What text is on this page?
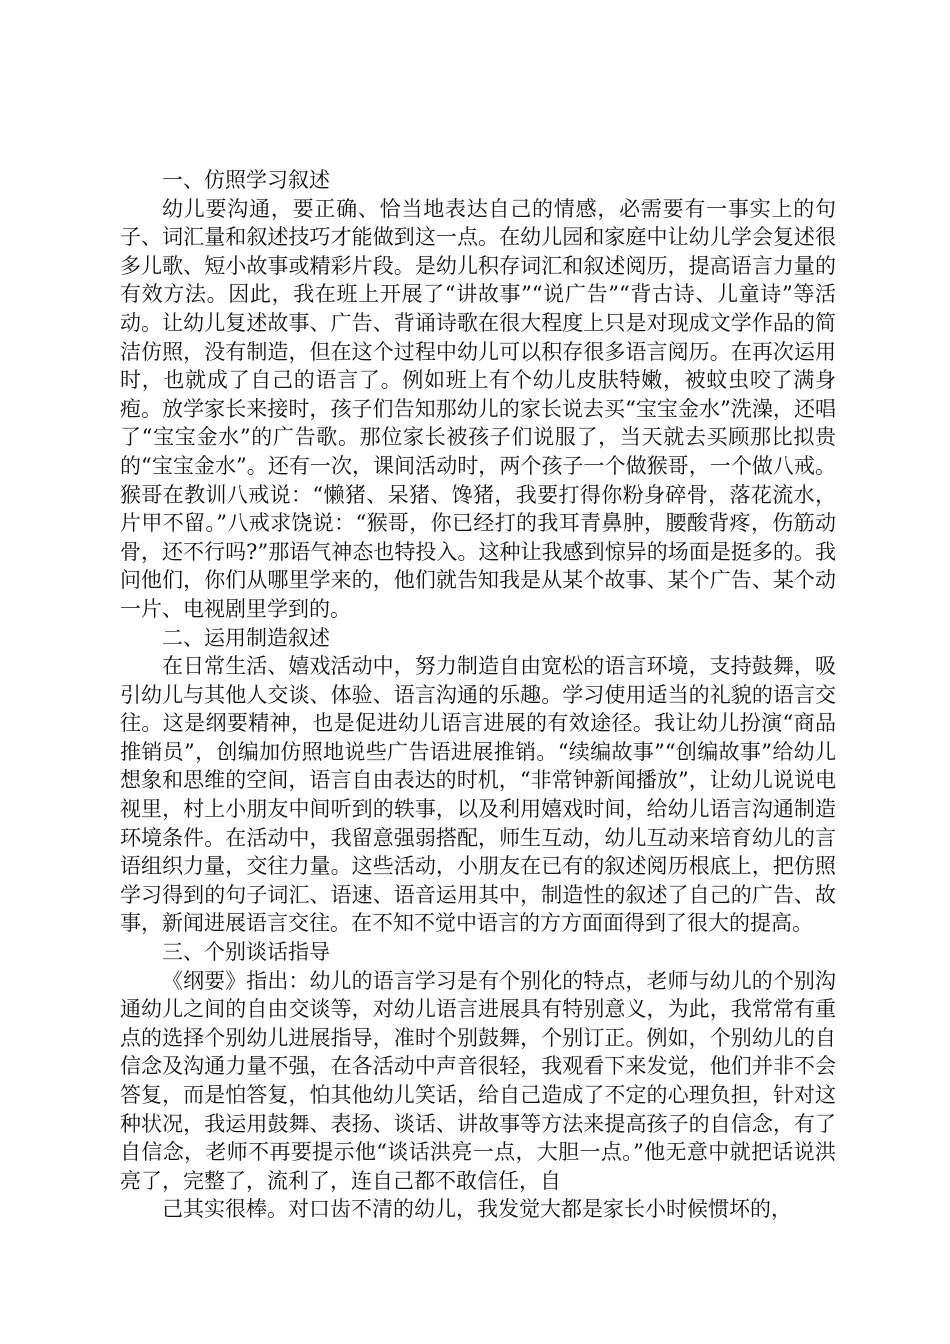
一、仿照学习叙述

幼儿要沟通，要正确、恰当地表达自己的情感，必需要有一事实上的句子、词汇量和叙述技巧才能做到这一点。在幼儿园和家庭中让幼儿学会复述很多儿歌、短小故事或精彩片段。是幼儿积存词汇和叙述阅历，提高语言力量的有效方法。因此，我在班上开展了“讲故事”“说广告”“背古诗、儿童诗”等活动。让幼儿复述故事、广告、背诵诗歌在很大程度上只是对现成文学作品的简洁仿照，没有制造，但在这个过程中幼儿可以积存很多语言阅历。在再次运用时，也就成了自己的语言了。例如班上有个幼儿皮肤特嫩，被蚊虫咬了满身疱。放学家长来接时，孩子们告知那幼儿的家长说去买“宝宝金水”洗澡，还唱了“宝宝金水”的广告歌。那位家长被孩子们说服了，当天就去买顾那比拟贵的“宝宝金水”。还有一次，课间活动时，两个孩子一个做猴哥，一个做八戒。猴哥在教训八戒说：“懒猪、呆猪、馋猪，我要打得你粉身碎骨，落花流水，片甲不留。”八戒求饶说：“猴哥，你已经打的我耳青鼻肿，腰酸背疼，伤筋动骨，还不行吗?”那语气神态也特投入。这种让我感到惊异的场面是挺多的。我问他们，你们从哪里学来的，他们就告知我是从某个故事、某个广告、某个动一片、电视剧里学到的。

二、运用制造叙述

在日常生活、嬉戏活动中，努力制造自由宽松的语言环境，支持鼓舞，吸引幼儿与其他人交谈、体验、语言沟通的乐趣。学习使用适当的礼貌的语言交往。这是纲要精神，也是促进幼儿语言进展的有效途径。我让幼儿扮演“商品推销员”，创编加仿照地说些广告语进展推销。“续编故事”“创编故事”给幼儿想象和思维的空间，语言自由表达的时机，“非常钟新闻播放”，让幼儿说说电视里，村上小朋友中间听到的轶事，以及利用嬉戏时间，给幼儿语言沟通制造环境条件。在活动中，我留意强弱搭配，师生互动，幼儿互动来培育幼儿的言语组织力量，交往力量。这些活动，小朋友在已有的叙述阅历根底上，把仿照学习得到的句子词汇、语速、语音运用其中，制造性的叙述了自己的广告、故事，新闻进展语言交往。在不知不觉中语言的方方面面得到了很大的提高。

三、个别谈话指导

《纲要》指出：幼儿的语言学习是有个别化的特点，老师与幼儿的个别沟通幼儿之间的自由交谈等，对幼儿语言进展具有特别意义，为此，我常常有重点的选择个别幼儿进展指导，准时个别鼓舞，个别订正。例如，个别幼儿的自信念及沟通力量不强，在各活动中声音很轻，我观看下来发觉，他们并非不会答复，而是怕答复，怕其他幼儿笑话，给自己造成了不定的心理负担，针对这种状况，我运用鼓舞、表扬、谈话、讲故事等方法来提高孩子的自信念，有了自信念，老师不再要提示他“谈话洪亮一点，大胆一点。”他无意中就把话说洪亮了，完整了，流利了，连自己都不敢信任，自

己其实很棒。对口齿不清的幼儿，我发觉大都是家长小时候惯坏的，
